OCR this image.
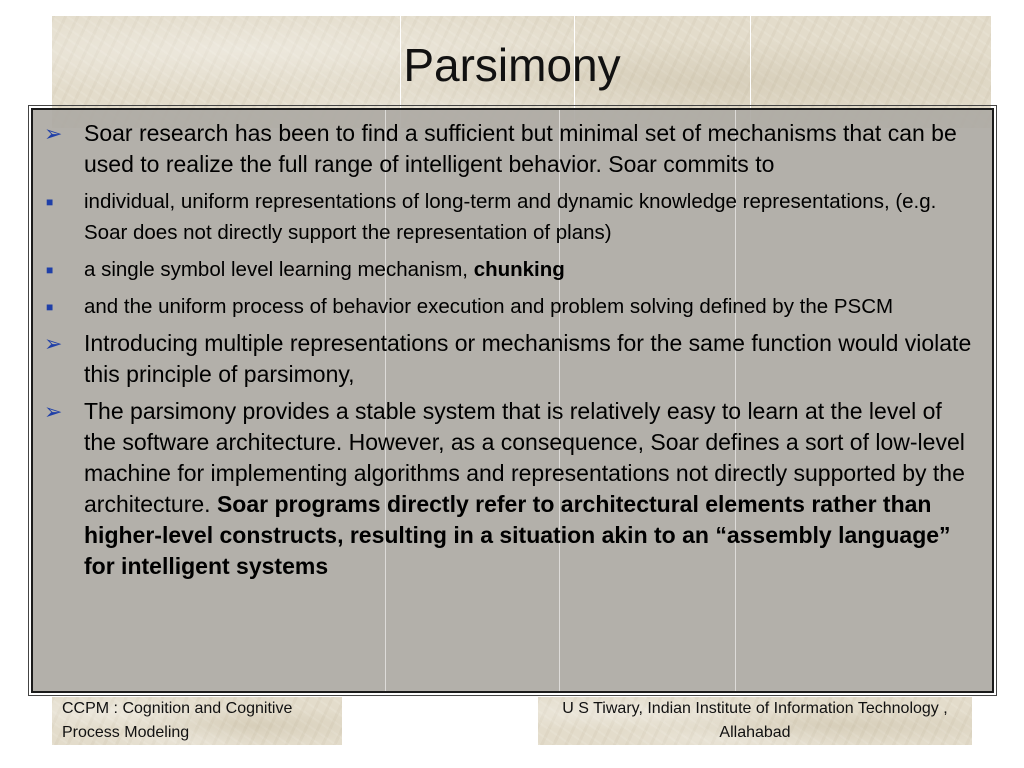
Parsimony
➢ Soar research has been to find a sufficient but minimal set of mechanisms that can be used to realize the full range of intelligent behavior. Soar commits to
■ individual, uniform representations of long-term and dynamic knowledge representations, (e.g. Soar does not directly support the representation of plans)
■ a single symbol level learning mechanism, chunking
■ and the uniform process of behavior execution and problem solving defined by the PSCM
➢ Introducing multiple representations or mechanisms for the same function would violate this principle of parsimony,
➢ The parsimony provides a stable system that is relatively easy to learn at the level of the software architecture. However, as a consequence, Soar defines a sort of low-level machine for implementing algorithms and representations not directly supported by the architecture. Soar programs directly refer to architectural elements rather than higher-level constructs, resulting in a situation akin to an “assembly language” for intelligent systems
CCPM : Cognition and Cognitive Process Modeling
U S Tiwary, Indian Institute of Information Technology , Allahabad
